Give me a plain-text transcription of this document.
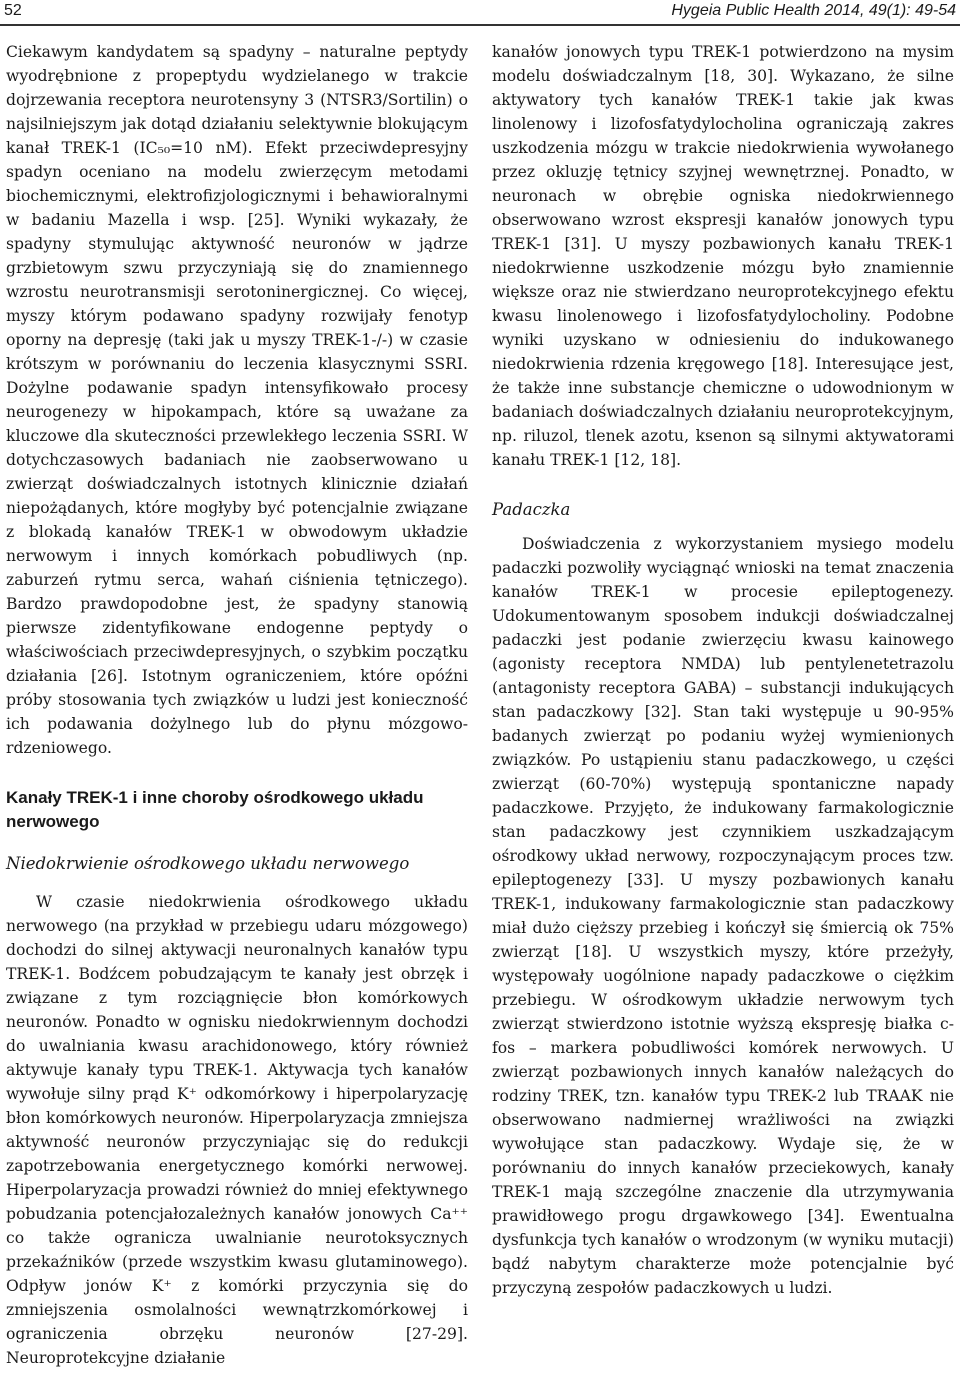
52	Hygeia Public Health 2014, 49(1): 49-54

Ciekawym kandydatem są spadyny – naturalne peptydy wyodrębnione z propeptydu wydzielanego w trakcie dojrzewania receptora neurotensyny 3 (NTSR3/Sortilin) o najsilniejszym jak dotąd działaniu selektywnie blokującym kanał TREK-1 (IC₅₀=10 nM). Efekt przeciwdepresyjny spadyn oceniano na modelu zwierzęcym metodami biochemicznymi, elektrofizjologicznymi i behawioralnymi w badaniu Mazella i wsp. [25]. Wyniki wykazały, że spadyny stymulując aktywność neuronów w jądrze grzbietowym szwu przyczyniają się do znamiennego wzrostu neurotransmisji serotoninergicznej. Co więcej, myszy którym podawano spadyny rozwijały fenotyp oporny na depresję (taki jak u myszy TREK-1-/-) w czasie krótszym w porównaniu do leczenia klasycznymi SSRI. Dożylne podawanie spadyn intensyfikowało procesy neurogenezy w hipokampach, które są uważane za kluczowe dla skuteczności przewlekłego leczenia SSRI. W dotychczasowych badaniach nie zaobserwowano u zwierząt doświadczalnych istotnych klinicznie działań niepożądanych, które mogłyby być potencjalnie związane z blokadą kanałów TREK-1 w obwodowym układzie nerwowym i innych komórkach pobudliwych (np. zaburzeń rytmu serca, wahań ciśnienia tętniczego). Bardzo prawdopodobne jest, że spadyny stanowią pierwsze zidentyfikowane endogenne peptydy o właściwościach przeciwdepresyjnych, o szybkim początku działania [26]. Istotnym ograniczeniem, które opóźni próby stosowania tych związków u ludzi jest konieczność ich podawania dożylnego lub do płynu mózgowo-rdzeniowego.

Kanały TREK-1 i inne choroby ośrodkowego układu nerwowego
Niedokrwienie ośrodkowego układu nerwowego

W czasie niedokrwienia ośrodkowego układu nerwowego (na przykład w przebiegu udaru mózgowego) dochodzi do silnej aktywacji neuronalnych kanałów typu TREK-1. Bodźcem pobudzającym te kanały jest obrzęk i związane z tym rozciągnięcie błon komórkowych neuronów. Ponadto w ognisku niedokrwiennym dochodzi do uwalniania kwasu arachidonowego, który również aktywuje kanały typu TREK-1. Aktywacja tych kanałów wywołuje silny prąd K⁺ odkomórkowy i hiperpolaryzację błon komórkowych neuronów. Hiperpolaryzacja zmniejsza aktywność neuronów przyczyniając się do redukcji zapotrzebowania energetycznego komórki nerwowej. Hiperpolaryzacja prowadzi również do mniej efektywnego pobudzania potencjałozależnych kanałów jonowych Ca⁺⁺ co także ogranicza uwalnianie neurotoksycznych przekaźników (przede wszystkim kwasu glutaminowego). Odpływ jonów K⁺ z komórki przyczynia się do zmniejszenia osmolalności wewnątrzkomórkowej i ograniczenia obrzęku neuronów [27-29]. Neuroprotekcyjne działanie

kanałów jonowych typu TREK-1 potwierdzono na mysim modelu doświadczalnym [18, 30]. Wykazano, że silne aktywatory tych kanałów TREK-1 takie jak kwas linolenowy i lizofosfatydylocholina ograniczają zakres uszkodzenia mózgu w trakcie niedokrwienia wywołanego przez okluzję tętnicy szyjnej wewnętrznej. Ponadto, w neuronach w obrębie ogniska niedokrwiennego obserwowano wzrost ekspresji kanałów jonowych typu TREK-1 [31]. U myszy pozbawionych kanału TREK-1 niedokrwienne uszkodzenie mózgu było znamiennie większe oraz nie stwierdzano neuroprotekcyjnego efektu kwasu linolenowego i lizofosfatydylocholiny. Podobne wyniki uzyskano w odniesieniu do indukowanego niedokrwienia rdzenia kręgowego [18]. Interesujące jest, że także inne substancje chemiczne o udowodnionym w badaniach doświadczalnych działaniu neuroprotekcyjnym, np. riluzol, tlenek azotu, ksenon są silnymi aktywatorami kanału TREK-1 [12, 18].

Padaczka

Doświadczenia z wykorzystaniem mysiego modelu padaczki pozwoliły wyciągnąć wnioski na temat znaczenia kanałów TREK-1 w procesie epileptogenezy. Udokumentowanym sposobem indukcji doświadczalnej padaczki jest podanie zwierzęciu kwasu kainowego (agonisty receptora NMDA) lub pentylenetetrazolu (antagonisty receptora GABA) – substancji indukujących stan padaczkowy [32]. Stan taki występuje u 90-95% badanych zwierząt po podaniu wyżej wymienionych związków. Po ustąpieniu stanu padaczkowego, u części zwierząt (60-70%) występują spontaniczne napady padaczkowe. Przyjęto, że indukowany farmakologicznie stan padaczkowy jest czynnikiem uszkadzającym ośrodkowy układ nerwowy, rozpoczynającym proces tzw. epileptogenezy [33]. U myszy pozbawionych kanału TREK-1, indukowany farmakologicznie stan padaczkowy miał dużo cięższy przebieg i kończył się śmiercią ok 75% zwierząt [18]. U wszystkich myszy, które przeżyły, występowały uogólnione napady padaczkowe o ciężkim przebiegu. W ośrodkowym układzie nerwowym tych zwierząt stwierdzono istotnie wyższą ekspresję białka c-fos – markera pobudliwości komórek nerwowych. U zwierząt pozbawionych innych kanałów należących do rodziny TREK, tzn. kanałów typu TREK-2 lub TRAAK nie obserwowano nadmiernej wrażliwości na związki wywołujące stan padaczkowy. Wydaje się, że w porównaniu do innych kanałów przeciekowych, kanały TREK-1 mają szczególne znaczenie dla utrzymywania prawidłowego progu drgawkowego [34]. Ewentualna dysfunkcja tych kanałów o wrodzonym (w wyniku mutacji) bądź nabytym charakterze może potencjalnie być przyczyną zespołów padaczkowych u ludzi.
